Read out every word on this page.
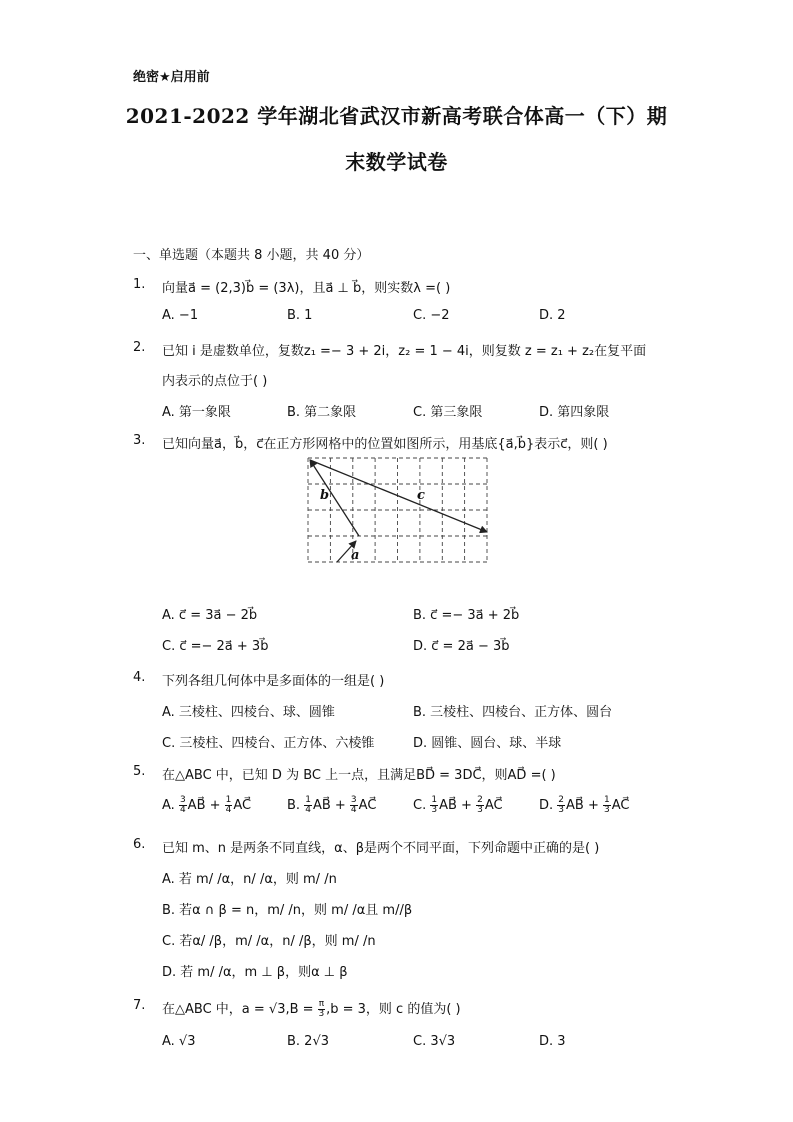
绝密★启用前
2021-2022 学年湖北省武汉市新高考联合体高一（下）期
末数学试卷
一、单选题（本题共 8 小题，共 40 分）
1. 向量a⃗ = (2,3)b⃗ = (3λ)，且a⃗ ⊥ b⃗，则实数λ =( )
A. −1	B. 1	C. −2	D. 2
2. 已知 i 是虚数单位，复数z₁ =− 3 + 2i，z₂ = 1 − 4i，则复数 z = z₁ + z₂在复平面
内表示的点位于( )
A. 第一象限	B. 第二象限	C. 第三象限	D. 第四象限
3. 已知向量a⃗，b⃗，c⃗在正方形网格中的位置如图所示，用基底{a⃗,b⃗}表示c⃗，则( )
a
b	c
A. c⃗ = 3a⃗ − 2b⃗	B. c⃗ =− 3a⃗ + 2b⃗
C. c⃗ =− 2a⃗ + 3b⃗	D. c⃗ = 2a⃗ − 3b⃗
4. 下列各组几何体中是多面体的一组是( )
A. 三棱柱、四棱台、球、圆锥	B. 三棱柱、四棱台、正方体、圆台
C. 三棱柱、四棱台、正方体、六棱锥	D. 圆锥、圆台、球、半球
5. 在△ABC 中，已知 D 为 BC 上一点，且满足BD⃗ = 3DC⃗，则AD⃗ =( )
A. $\frac{3}{4}$ AB⃗ + $\frac{1}{4}$ AC⃗	B. $\frac{1}{4}$ AB⃗ + $\frac{3}{4}$ AC⃗	C. $\frac{1}{3}$ AB⃗ + $\frac{2}{3}$ AC⃗	D. $\frac{2}{3}$ AB⃗ + $\frac{1}{3}$ AC⃗
6. 已知 m、n 是两条不同直线，α、β是两个不同平面，下列命题中正确的是( )
A. 若 m/ /α，n/ /α，则 m/ /n
B. 若α ∩ β = n，m/ /n，则 m/ /α且 m//β
C. 若α/ /β，m/ /α，n/ /β，则 m/ /n
D. 若 m/ /α，m ⊥ β，则α ⊥ β
7. 在△ABC 中，$a = √3,B = \frac{\pi}{3} ,b = 3$，则 c 的值为( )
A. √3	B. 2√3	C. 3√3	D. 3
